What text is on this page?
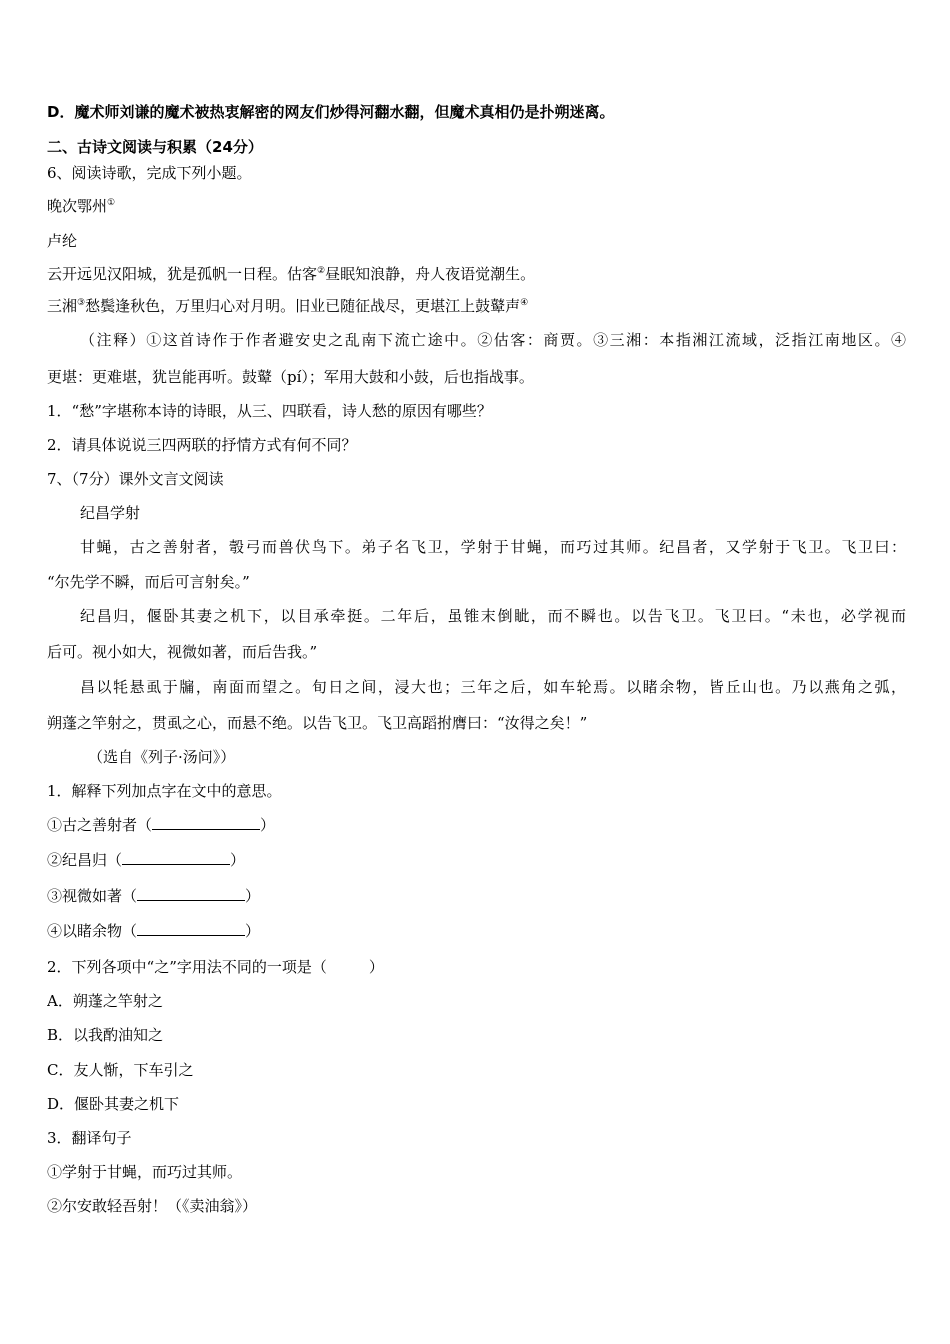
D．魔术师刘谦的魔术被热衷解密的网友们炒得河翻水翻，但魔术真相仍是扑朔迷离。
二、古诗文阅读与积累（24分）
6、阅读诗歌，完成下列小题。
晚次鄂州①
卢纶
云开远见汉阳城，犹是孤帆一日程。估客②昼眠知浪静，舟人夜语觉潮生。
三湘③愁鬓逢秋色，万里归心对月明。旧业已随征战尽，更堪江上鼓鼙声④
（注释）①这首诗作于作者避安史之乱南下流亡途中。②估客：商贾。③三湘：本指湘江流域，泛指江南地区。④
更堪：更难堪，犹岂能再听。鼓鼙（pí）；军用大鼓和小鼓，后也指战事。
1．“愁”字堪称本诗的诗眼，从三、四联看，诗人愁的原因有哪些？
2．请具体说说三四两联的抒情方式有何不同？
7、（7分）课外文言文阅读
纪昌学射
甘蝇，古之善射者，彀弓而兽伏鸟下。弟子名飞卫，学射于甘蝇，而巧过其师。纪昌者，又学射于飞卫。飞卫曰：
“尔先学不瞬，而后可言射矣。”
纪昌归，偃卧其妻之机下，以目承牵挺。二年后，虽锥末倒眦，而不瞬也。以告飞卫。飞卫曰。“未也，必学视而
后可。视小如大，视微如著，而后告我。”
昌以牦悬虱于牖，南面而望之。旬日之间，浸大也；三年之后，如车轮焉。以睹余物，皆丘山也。乃以燕角之弧，
朔蓬之竿射之，贯虱之心，而悬不绝。以告飞卫。飞卫高蹈拊膺曰：“汝得之矣！”
（选自《列子·汤问》）
1．解释下列加点字在文中的意思。
①古之善射者（	）
②纪昌归（	）
③视微如著（	）
④以睹余物（	）
2．下列各项中“之”字用法不同的一项是（	）
A．朔蓬之竿射之
B．以我酌油知之
C．友人惭，下车引之
D．偃卧其妻之机下
3．翻译句子
①学射于甘蝇，而巧过其师。
②尔安敢轻吾射！（《卖油翁》）
